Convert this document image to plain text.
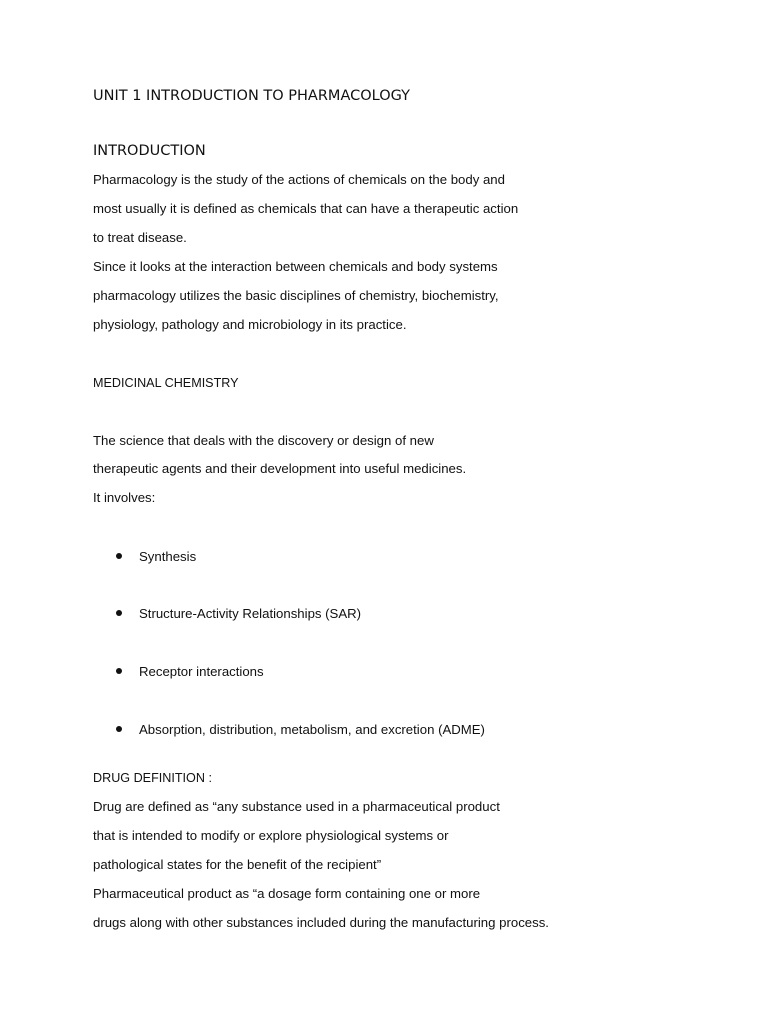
UNIT 1 INTRODUCTION TO PHARMACOLOGY
INTRODUCTION
Pharmacology is the study of the actions of chemicals on the body and
most usually it is defined as chemicals that can have a therapeutic action
to treat disease.
Since it looks at the interaction between chemicals and body systems
pharmacology utilizes the basic disciplines of chemistry, biochemistry,
physiology, pathology and microbiology in its practice.
MEDICINAL CHEMISTRY
The science that deals with the discovery or design of new
therapeutic agents and their development into useful medicines.
It involves:
Synthesis
Structure-Activity Relationships (SAR)
Receptor interactions
Absorption, distribution, metabolism, and excretion (ADME)
DRUG DEFINITION :
Drug are defined as “any substance used in a pharmaceutical product
that is intended to modify or explore physiological systems or
pathological states for the benefit of the recipient”
Pharmaceutical product as “a dosage form containing one or more
drugs along with other substances included during the manufacturing process.
